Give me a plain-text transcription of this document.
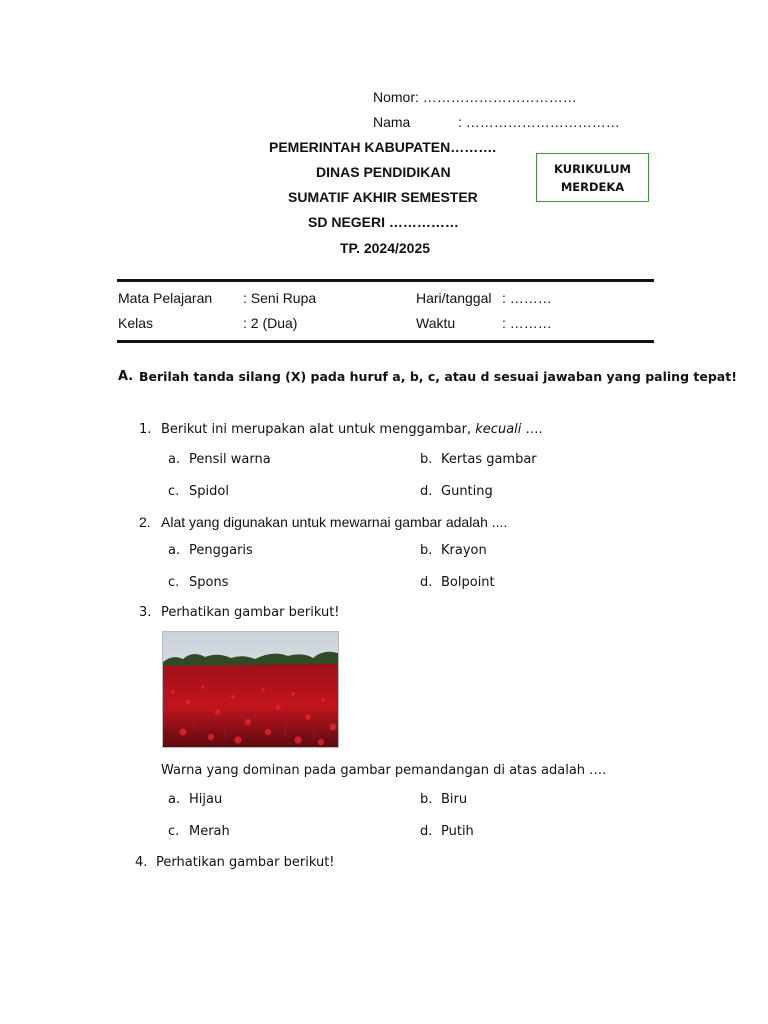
Nomor: ……………………………
Nama	: ……………………………
PEMERINTAH KABUPATEN……….
DINAS PENDIDIKAN
SUMATIF AKHIR SEMESTER
SD NEGERI ……………
TP. 2024/2025
KURIKULUM
MERDEKA
Mata Pelajaran : Seni Rupa	Hari/tanggal : ………
Kelas	: 2 (Dua)	Waktu	: ………
A. Berilah tanda silang (X) pada huruf a, b, c, atau d sesuai jawaban yang paling tepat!
1. Berikut ini merupakan alat untuk menggambar, kecuali ….
a. Pensil warna	b. Kertas gambar
c. Spidol	d. Gunting
2. Alat yang digunakan untuk mewarnai gambar adalah ....
a. Penggaris	b. Krayon
c. Spons	d. Bolpoint
3. Perhatikan gambar berikut!
Warna yang dominan pada gambar pemandangan di atas adalah ….
a. Hijau	b. Biru
c. Merah	d. Putih
4. Perhatikan gambar berikut!
